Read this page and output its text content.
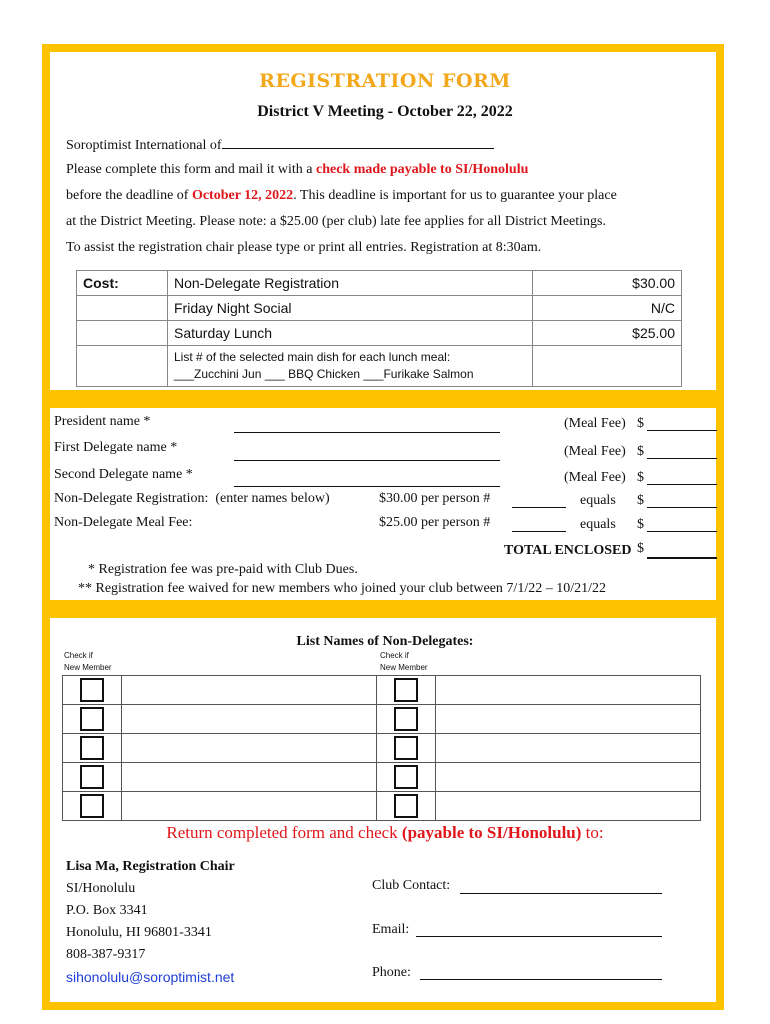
REGISTRATION FORM
District V Meeting - October 22, 2022
Soroptimist International of
Please complete this form and mail it with a check made payable to SI/Honolulu
before the deadline of October 12, 2022. This deadline is important for us to guarantee your place
at the District Meeting. Please note: a $25.00 (per club) late fee applies for all District Meetings.
To assist the registration chair please type or print all entries. Registration at 8:30am.
Cost:	Non-Delegate Registration	$30.00
	Friday Night Social	N/C
	Saturday Lunch	$25.00

	List # of the selected main dish for each lunch meal:
___Zucchini Jun ___ BBQ Chicken ___Furikake Salmon	

President name *	(Meal Fee) $
First Delegate name *	(Meal Fee) $
Second Delegate name *	(Meal Fee) $
Non-Delegate Registration: (enter names below)	$30.00 per person #	equals $
Non-Delegate Meal Fee:	$25.00 per person #	equals $
TOTAL ENCLOSED $
* Registration fee was pre-paid with Club Dues.
** Registration fee waived for new members who joined your club between 7/1/22 – 10/21/22
List Names of Non-Delegates:
Check if
New Member
Check if
New Member

Return completed form and check (payable to SI/Honolulu) to:
Lisa Ma, Registration Chair
SI/Honolulu
P.O. Box 3341
Honolulu, HI 96801-3341
808-387-9317
sihonolulu@soroptimist.net
Club Contact:
Email:
Phone:
